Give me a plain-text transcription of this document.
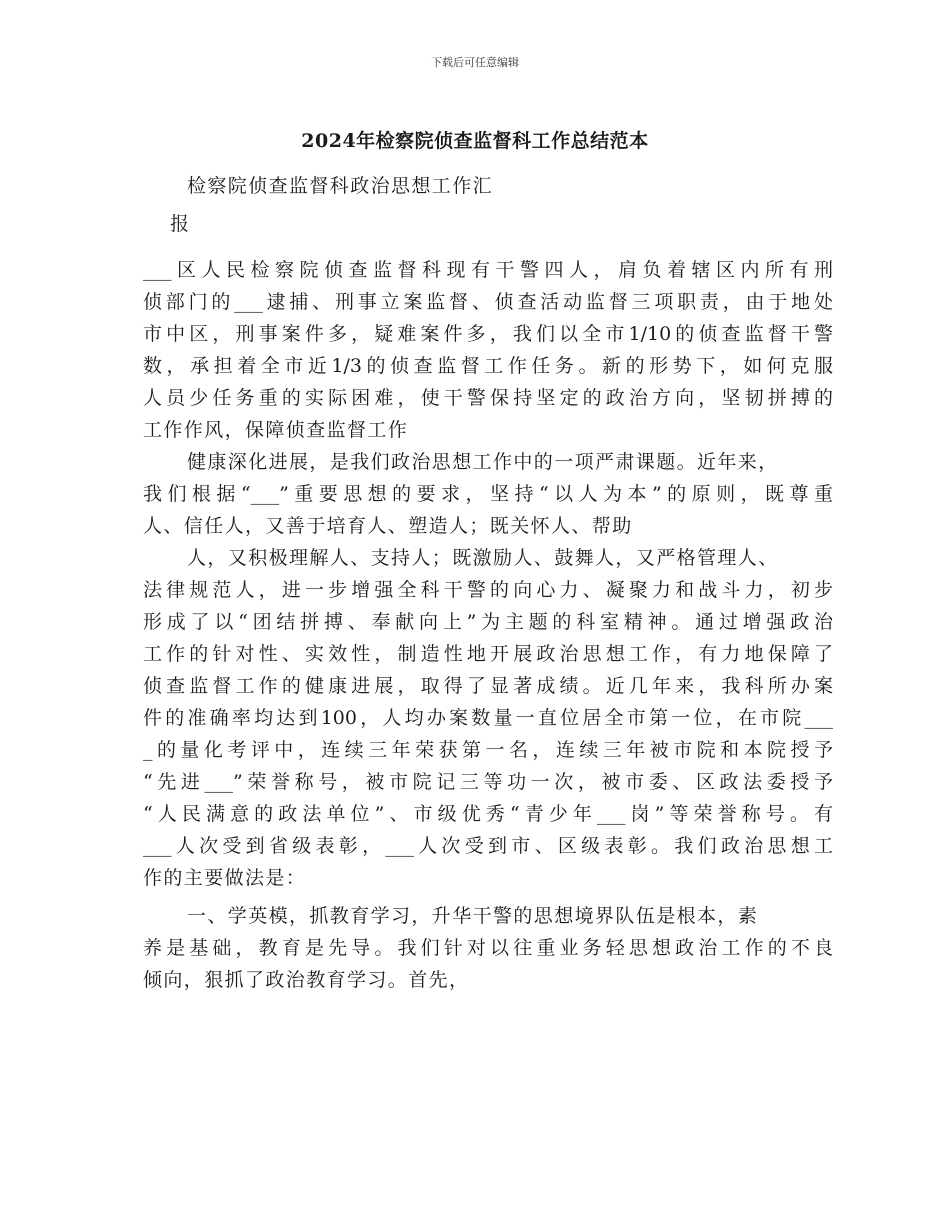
下载后可任意编辑
2024年检察院侦查监督科工作总结范本
检察院侦查监督科政治思想工作汇
报
___区人民检察院侦查监督科现有干警四人，肩负着辖区内所有刑
侦部门的___逮捕、刑事立案监督、侦查活动监督三项职责，由于地处
市中区，刑事案件多，疑难案件多，我们以全市1/10的侦查监督干警
数，承担着全市近1/3的侦查监督工作任务。新的形势下，如何克服
人员少任务重的实际困难，使干警保持坚定的政治方向，坚韧拼搏的
工作作风，保障侦查监督工作
健康深化进展，是我们政治思想工作中的一项严肃课题。近年来，
我们根据“___”重要思想的要求，坚持“以人为本”的原则，既尊重
人、信任人，又善于培育人、塑造人；既关怀人、帮助
人，又积极理解人、支持人；既激励人、鼓舞人，又严格管理人、
法律规范人，进一步增强全科干警的向心力、凝聚力和战斗力，初步
形成了以“团结拼搏、奉献向上”为主题的科室精神。通过增强政治
工作的针对性、实效性，制造性地开展政治思想工作，有力地保障了
侦查监督工作的健康进展，取得了显著成绩。近几年来，我科所办案
件的准确率均达到100，人均办案数量一直位居全市第一位，在市院___
_的量化考评中，连续三年荣获第一名，连续三年被市院和本院授予
“先进___”荣誉称号，被市院记三等功一次，被市委、区政法委授予
“人民满意的政法单位”、市级优秀“青少年___岗”等荣誉称号。有
___人次受到省级表彰，___人次受到市、区级表彰。我们政治思想工
作的主要做法是：
一、学英模，抓教育学习，升华干警的思想境界队伍是根本，素
养是基础，教育是先导。我们针对以往重业务轻思想政治工作的不良
倾向，狠抓了政治教育学习。首先，
